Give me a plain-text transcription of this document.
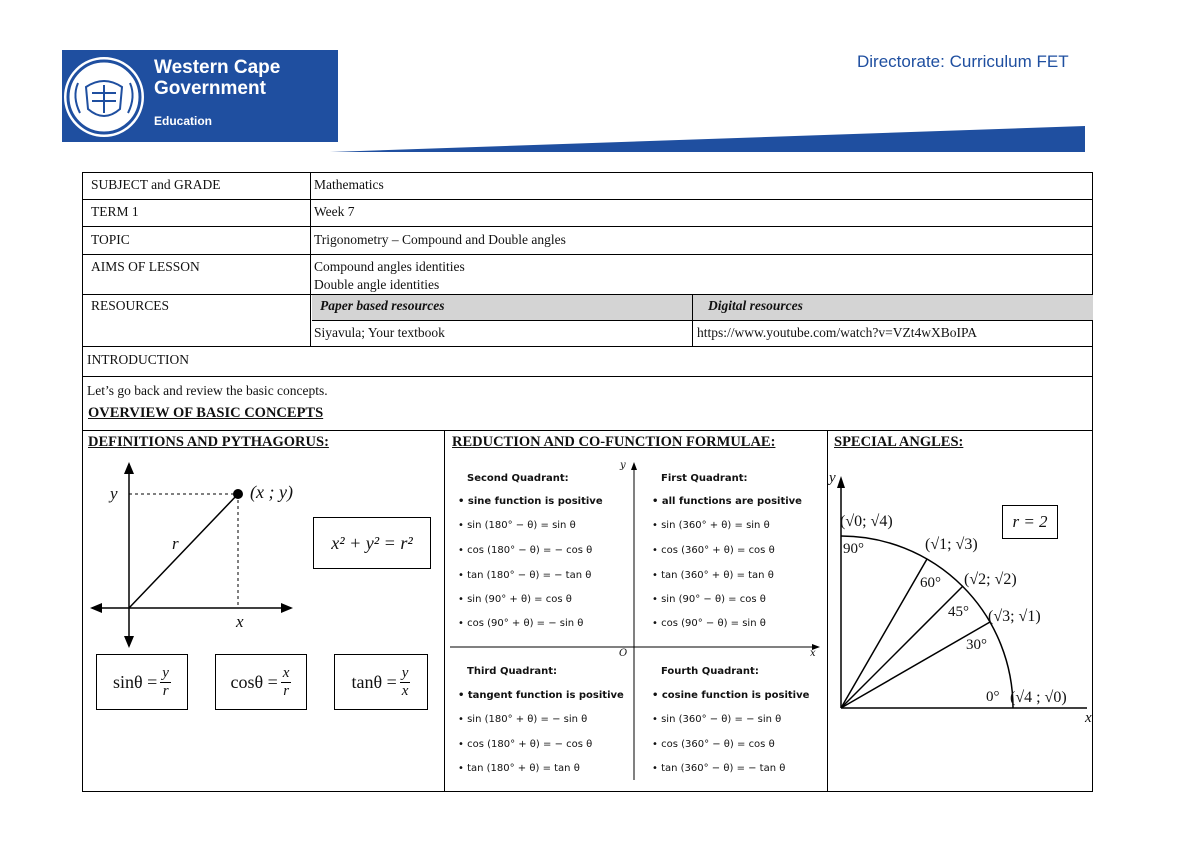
Western Cape
Government
Education
Directorate: Curriculum FET
SUBJECT and GRADE	Mathematics
TERM 1	Week 7
TOPIC	Trigonometry – Compound and Double angles
AIMS OF LESSON	Compound angles identities
Double angle identities
RESOURCES	Paper based resources	Digital resources
Siyavula; Your textbook	https://www.youtube.com/watch?v=VZt4wXBoIPA
INTRODUCTION
Let’s go back and review the basic concepts.
OVERVIEW OF BASIC CONCEPTS
DEFINITIONS AND PYTHAGORUS:	REDUCTION AND CO-FUNCTION FORMULAE:	SPECIAL ANGLES:
y	(x ; y)
r
x
x² + y² = r²
$\sin\theta = \frac{y}{r}$	$\cos\theta = \frac{x}{r}$	$\tan\theta = \frac{y}{x}$
y
x
O
Second Quadrant:
• sine function is positive
• sin (180° − θ) = sin θ
• cos (180° − θ) = − cos θ
• tan (180° − θ) = − tan θ
• sin (90° + θ) = cos θ
• cos (90° + θ) = − sin θ
First Quadrant:
• all functions are positive
• sin (360° + θ) = sin θ
• cos (360° + θ) = cos θ
• tan (360° + θ) = tan θ
• sin (90° − θ) = cos θ
• cos (90° − θ) = sin θ
Third Quadrant:
• tangent function is positive
• sin (180° + θ) = − sin θ
• cos (180° + θ) = − cos θ
• tan (180° + θ) = tan θ
Fourth Quadrant:
• cosine function is positive
• sin (360° − θ) = − sin θ
• cos (360° − θ) = cos θ
• tan (360° − θ) = − tan θ
y
x
r = 2
(√0; √4)
90°	(√1; √3)
60° (√2; √2)
45° (√3; √1)
30°
(√4 ; √0)
0°
